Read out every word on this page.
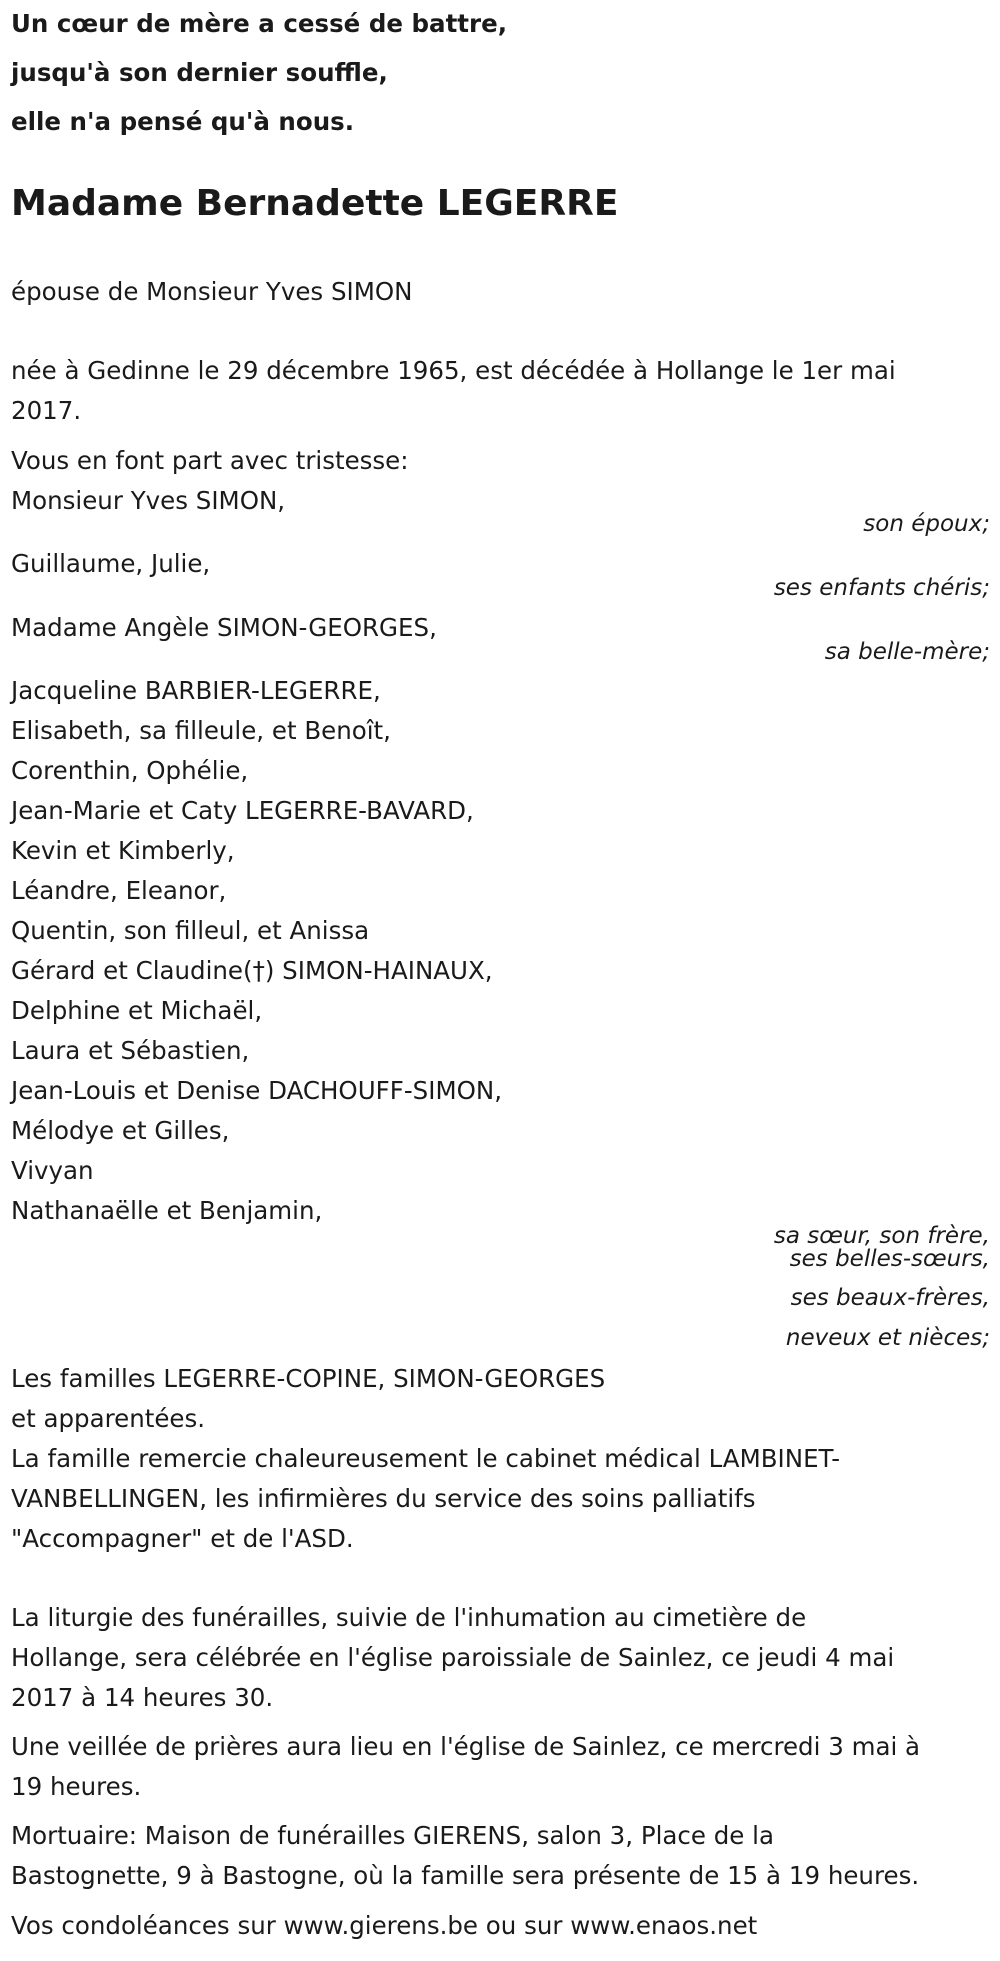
Un cœur de mère a cessé de battre,
jusqu'à son dernier souffle,
elle n'a pensé qu'à nous.
Madame Bernadette LEGERRE
épouse de Monsieur Yves SIMON
née à Gedinne le 29 décembre 1965, est décédée à Hollange le 1er mai
2017.
Vous en font part avec tristesse:
Monsieur Yves SIMON,
son époux;
Guillaume, Julie,
ses enfants chéris;
Madame Angèle SIMON-GEORGES,
sa belle-mère;
Jacqueline BARBIER-LEGERRE,
Elisabeth, sa filleule, et Benoît,
Corenthin, Ophélie,
Jean-Marie et Caty LEGERRE-BAVARD,
Kevin et Kimberly,
Léandre, Eleanor,
Quentin, son filleul, et Anissa
Gérard et Claudine(†) SIMON-HAINAUX,
Delphine et Michaël,
Laura et Sébastien,
Jean-Louis et Denise DACHOUFF-SIMON,
Mélodye et Gilles,
Vivyan
Nathanaëlle et Benjamin,
sa sœur, son frère,
ses belles-sœurs,
ses beaux-frères,
neveux et nièces;
Les familles LEGERRE-COPINE, SIMON-GEORGES
et apparentées.
La famille remercie chaleureusement le cabinet médical LAMBINET-
VANBELLINGEN, les infirmières du service des soins palliatifs
"Accompagner" et de l'ASD.
La liturgie des funérailles, suivie de l'inhumation au cimetière de
Hollange, sera célébrée en l'église paroissiale de Sainlez, ce jeudi 4 mai
2017 à 14 heures 30.
Une veillée de prières aura lieu en l'église de Sainlez, ce mercredi 3 mai à
19 heures.
Mortuaire: Maison de funérailles GIERENS, salon 3, Place de la
Bastognette, 9 à Bastogne, où la famille sera présente de 15 à 19 heures.
Vos condoléances sur www.gierens.be ou sur www.enaos.net
